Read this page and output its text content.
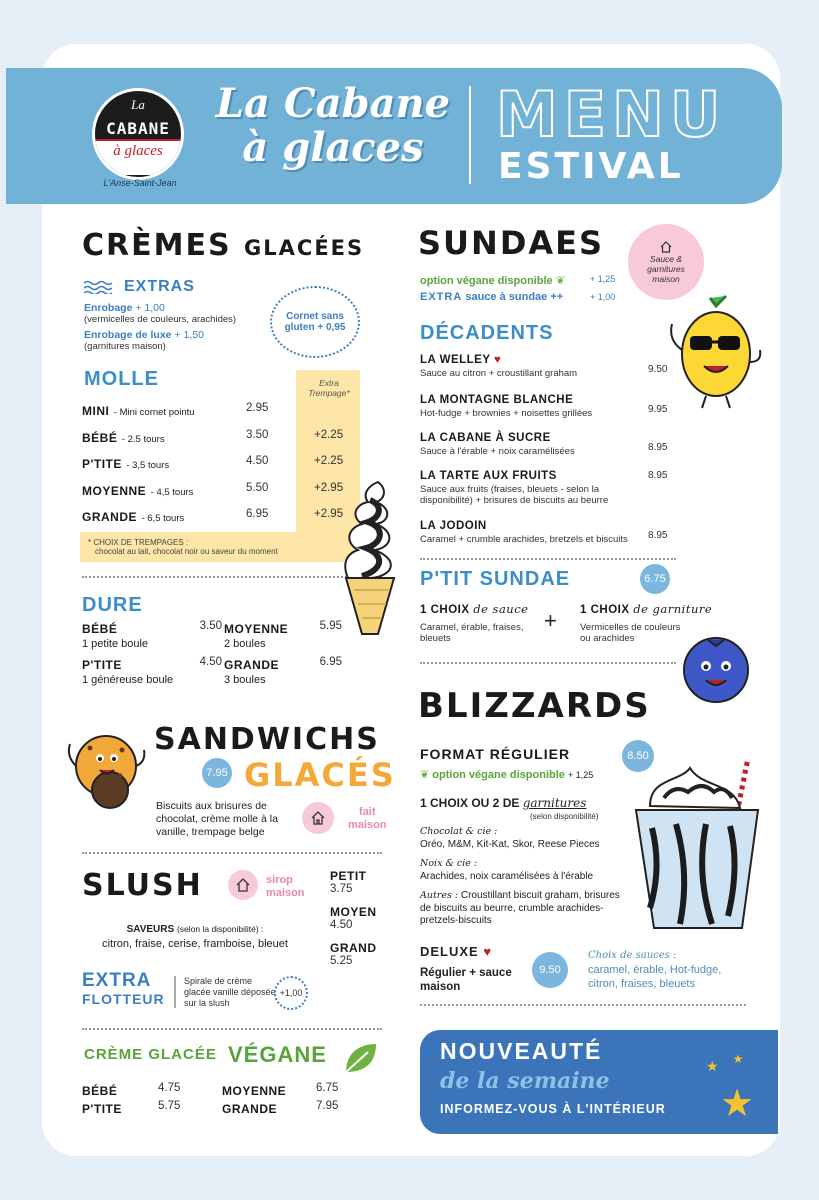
La
CABANE
à glaces
L'Anse-Saint-Jean
La Cabane
à glaces	MENU
ESTIVAL
CRÈMES GLACÉES
EXTRAS
Enrobage + 1,00
(vermicelles de couleurs, arachides)
Enrobage de luxe + 1,50
(garnitures maison)
Cornet sans gluten + 0,95
MOLLE	Extra Trempage*
MINI - Mini cornet pointu	2.95
BÉBÉ - 2.5 tours	3.50	+2.25
P'TITE - 3,5 tours	4.50	+2.25
MOYENNE - 4,5 tours	5.50	+2.95
GRANDE - 6,5 tours	6.95	+2.95
* CHOIX DE TREMPAGES :
chocolat au lait, chocolat noir ou saveur du moment
DURE
BÉBÉ	3.50
1 petite boule
MOYENNE	5.95
2 boules
P'TITE	4.50
1 généreuse boule
GRANDE	6.95
3 boules
SANDWICHS
7.95 GLACÉS
Biscuits aux brisures de chocolat, crème molle à la vanille, trempage belge
fait
maison
SLUSH	sirop
maison
PETIT
3.75
MOYEN
4.50
GRAND
5.25
SAVEURS (selon la disponibilité) :
citron, fraise, cerise, framboise, bleuet
EXTRA
FLOTTEUR
Spirale de crème glacée vanille déposée sur la slush
+1,00
CRÈME GLACÉE VÉGANE
BÉBÉ	4.75	MOYENNE	6.75
P'TITE	5.75	GRANDE	7.95
SUNDAES	Sauce & garnitures maison
option végane disponible ❦	+ 1,25
EXTRA sauce à sundae ++	+ 1,00
DÉCADENTS
LA WELLEY ♥
Sauce au citron + croustillant graham	9.50
LA MONTAGNE BLANCHE
Hot-fudge + brownies + noisettes grillées	9.95
LA CABANE À SUCRE
Sauce à l'érable + noix caramélisées	8.95
LA TARTE AUX FRUITS
Sauce aux fruits (fraises, bleuets - selon la disponibilité) + brisures de biscuits au beurre
8.95
LA JODOIN
Caramel + crumble arachides, bretzels et biscuits	8.95
P'TIT SUNDAE	6.75
1 CHOIX de sauce
Caramel, érable, fraises, bleuets
+ 1 CHOIX de garniture
Vermicelles de couleurs ou arachides
BLIZZARDS
8.50
FORMAT RÉGULIER
❦ option végane disponible + 1,25
1 CHOIX OU 2 DE garnitures
(selon disponibilité)
Chocolat & cie :
Oréo, M&M, Kit-Kat, Skor, Reese Pieces
Noix & cie :
Arachides, noix caramélisées à l'érable
Autres : Croustillant biscuit graham, brisures de biscuits au beurre, crumble arachides-pretzels-biscuits
DELUXE ♥
Régulier + sauce maison
9.50
Choix de sauces :
caramel, érable, Hot-fudge, citron, fraises, bleuets
NOUVEAUTÉ
de la semaine
INFORMEZ-VOUS À L'INTÉRIEUR
★ ★
★
